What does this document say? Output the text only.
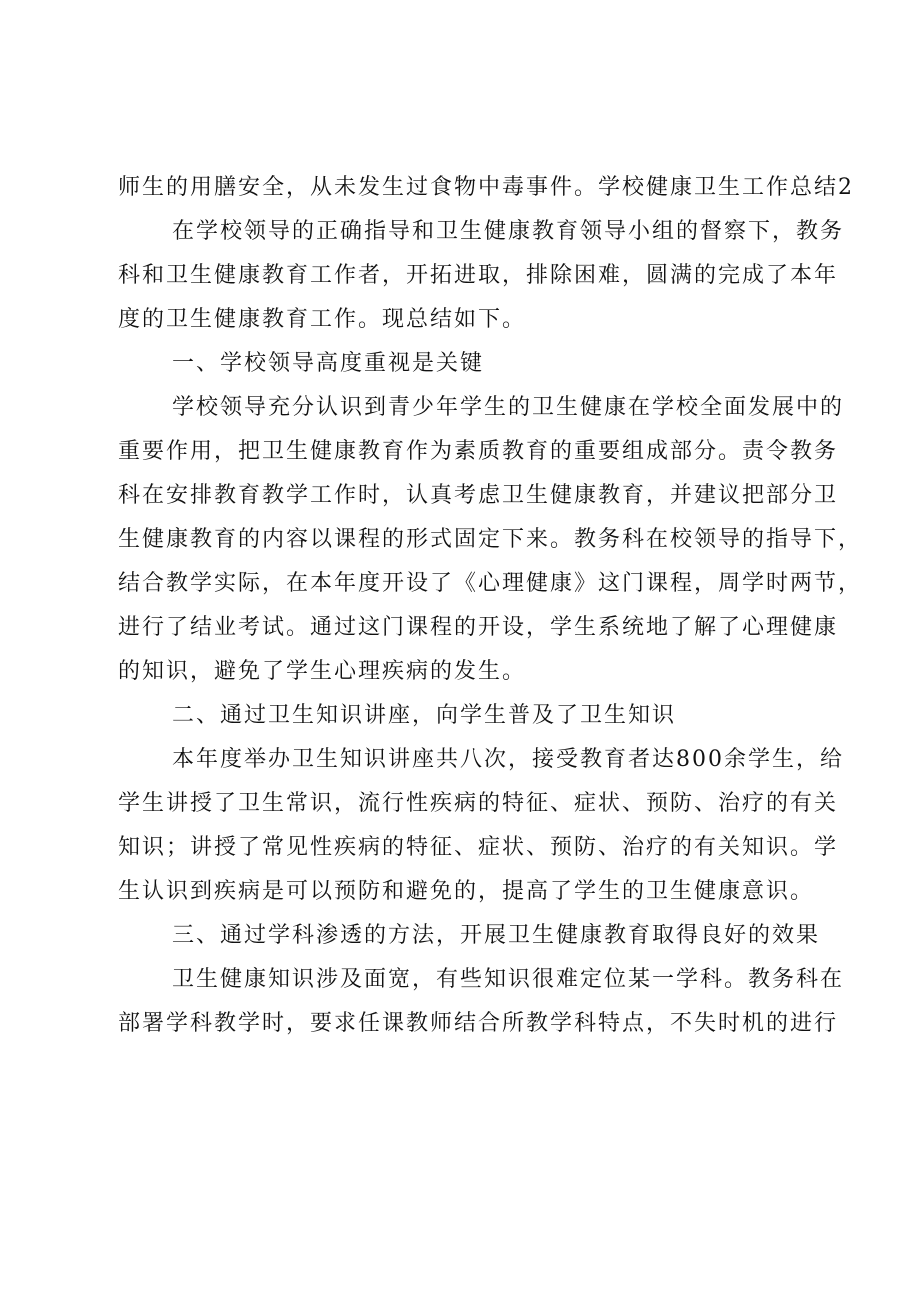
师生的用膳安全，从未发生过食物中毒事件。学校健康卫生工作总结2
在学校领导的正确指导和卫生健康教育领导小组的督察下，教务
科和卫生健康教育工作者，开拓进取，排除困难，圆满的完成了本年
度的卫生健康教育工作。现总结如下。
一、学校领导高度重视是关键
学校领导充分认识到青少年学生的卫生健康在学校全面发展中的
重要作用，把卫生健康教育作为素质教育的重要组成部分。责令教务
科在安排教育教学工作时，认真考虑卫生健康教育，并建议把部分卫
生健康教育的内容以课程的形式固定下来。教务科在校领导的指导下，
结合教学实际，在本年度开设了《心理健康》这门课程，周学时两节，
进行了结业考试。通过这门课程的开设，学生系统地了解了心理健康
的知识，避免了学生心理疾病的发生。
二、通过卫生知识讲座，向学生普及了卫生知识
本年度举办卫生知识讲座共八次，接受教育者达800余学生，给
学生讲授了卫生常识，流行性疾病的特征、症状、预防、治疗的有关
知识；讲授了常见性疾病的特征、症状、预防、治疗的有关知识。学
生认识到疾病是可以预防和避免的，提高了学生的卫生健康意识。
三、通过学科渗透的方法，开展卫生健康教育取得良好的效果
卫生健康知识涉及面宽，有些知识很难定位某一学科。教务科在
部署学科教学时，要求任课教师结合所教学科特点，不失时机的进行
